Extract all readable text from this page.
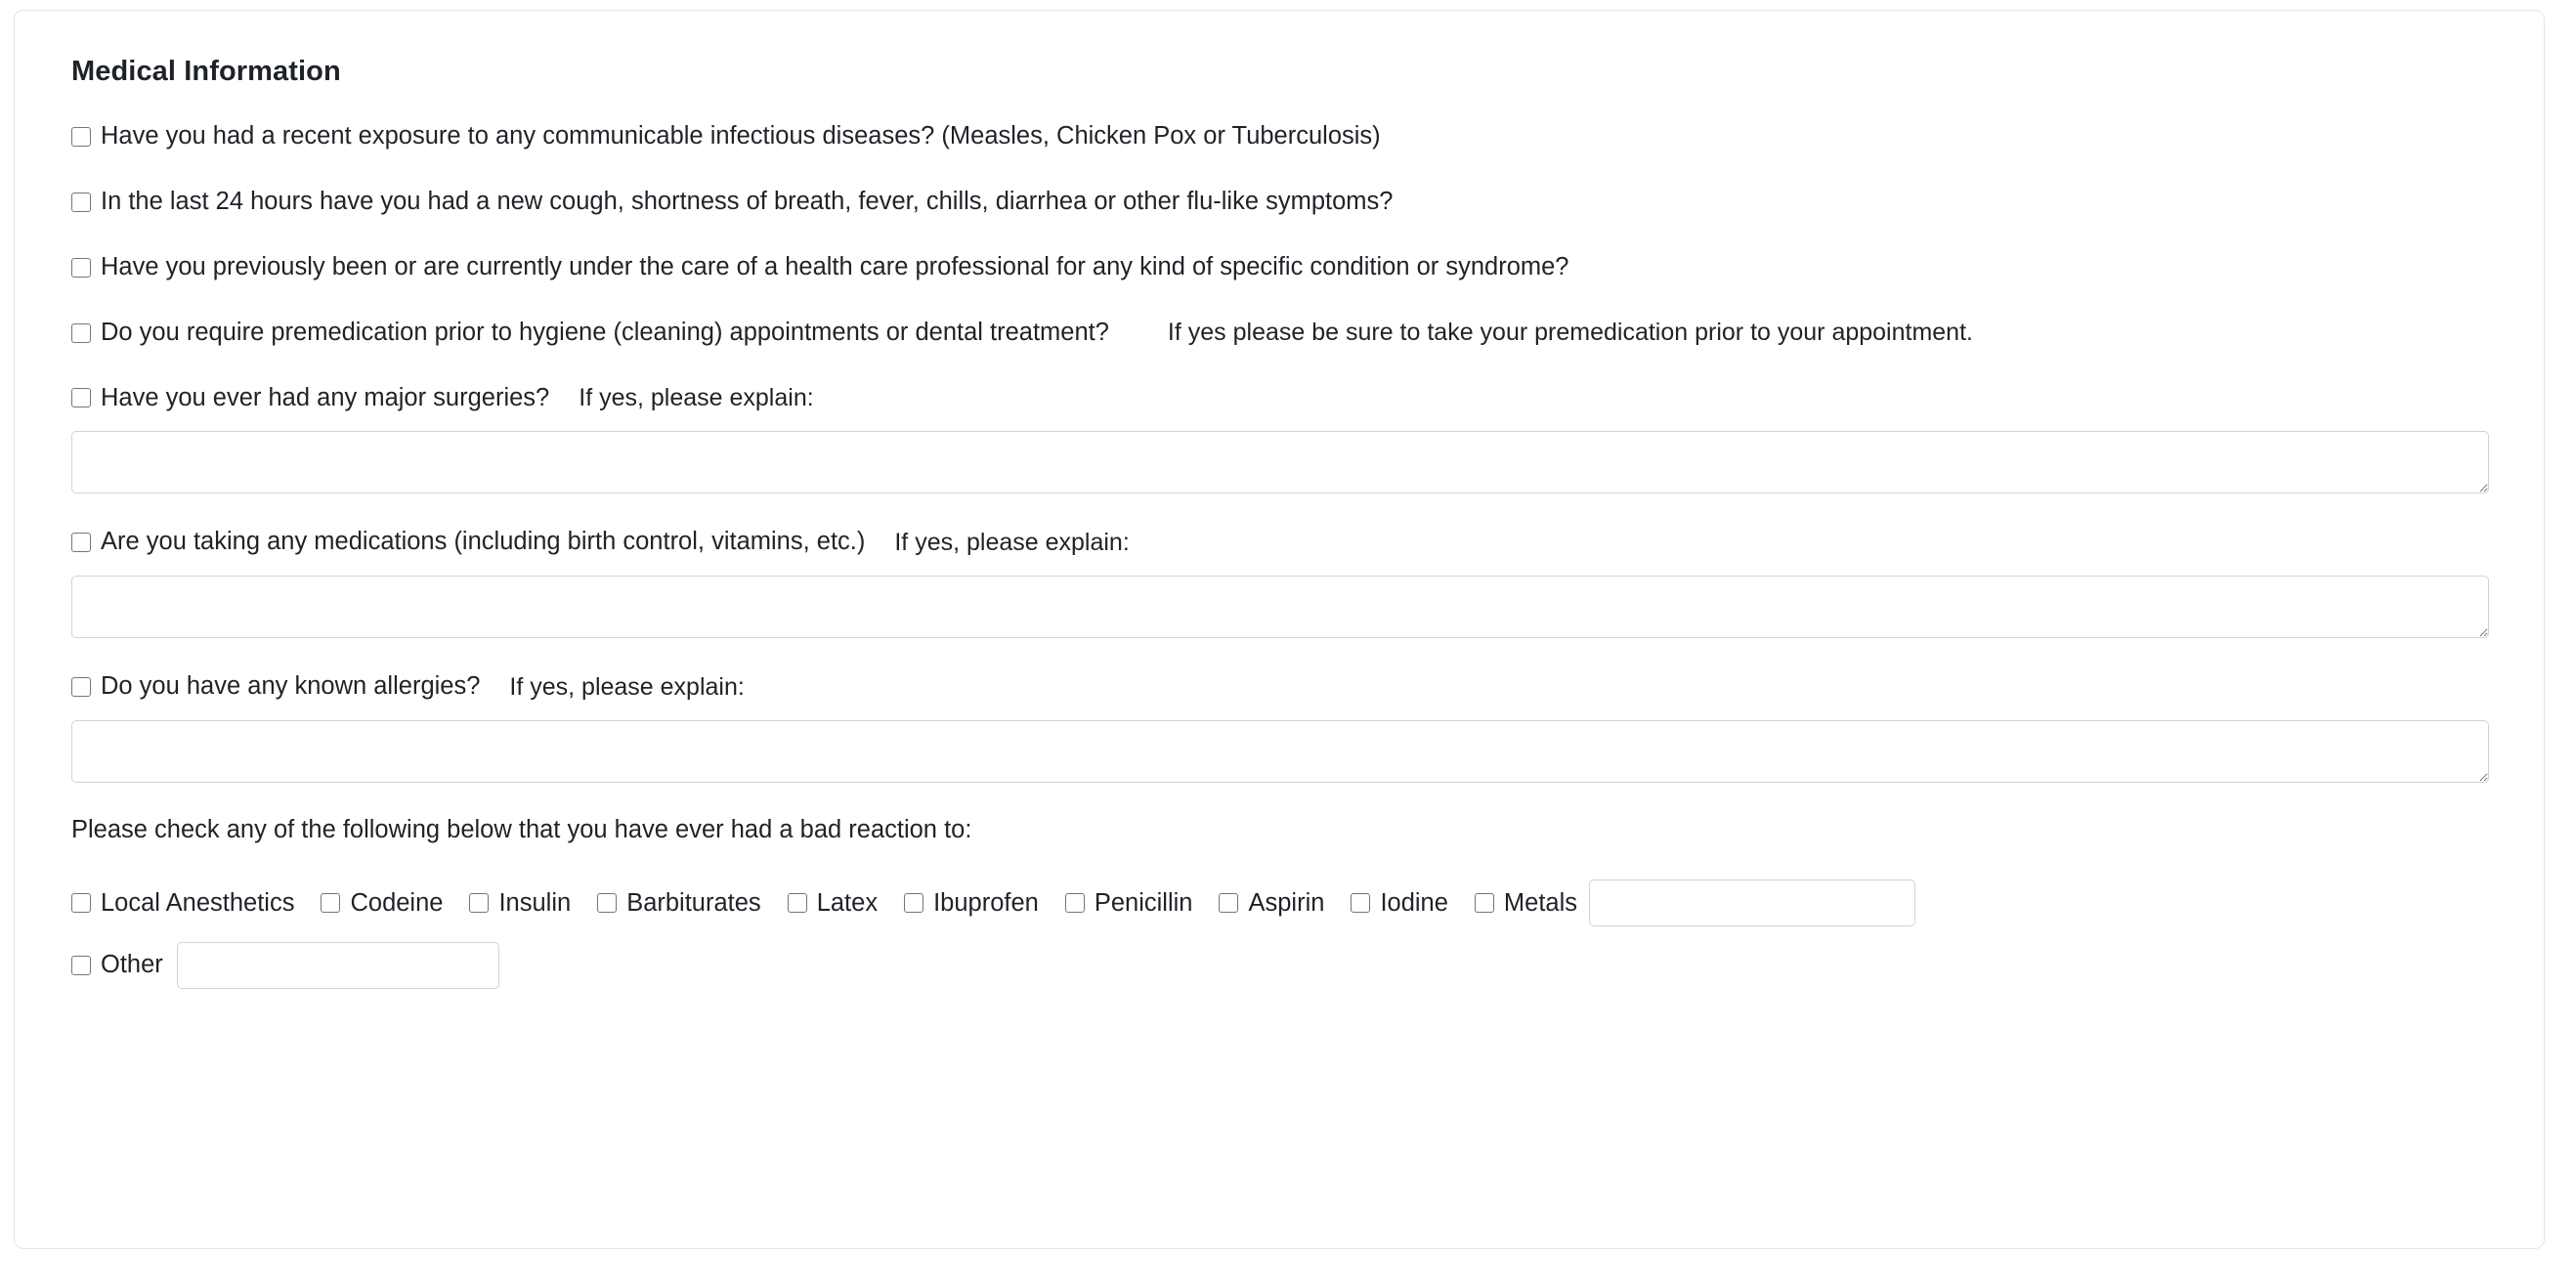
Medical Information
Have you had a recent exposure to any communicable infectious diseases? (Measles, Chicken Pox or Tuberculosis)
In the last 24 hours have you had a new cough, shortness of breath, fever, chills, diarrhea or other flu-like symptoms?
Have you previously been or are currently under the care of a health care professional for any kind of specific condition or syndrome?
Do you require premedication prior to hygiene (cleaning) appointments or dental treatment? If yes please be sure to take your premedication prior to your appointment.
Have you ever had any major surgeries? If yes, please explain:
Are you taking any medications (including birth control, vitamins, etc.) If yes, please explain:
Do you have any known allergies? If yes, please explain:
Please check any of the following below that you have ever had a bad reaction to:
Local Anesthetics Codeine Insulin Barbiturates Latex Ibuprofen Penicillin Aspirin Iodine Metals
Other
